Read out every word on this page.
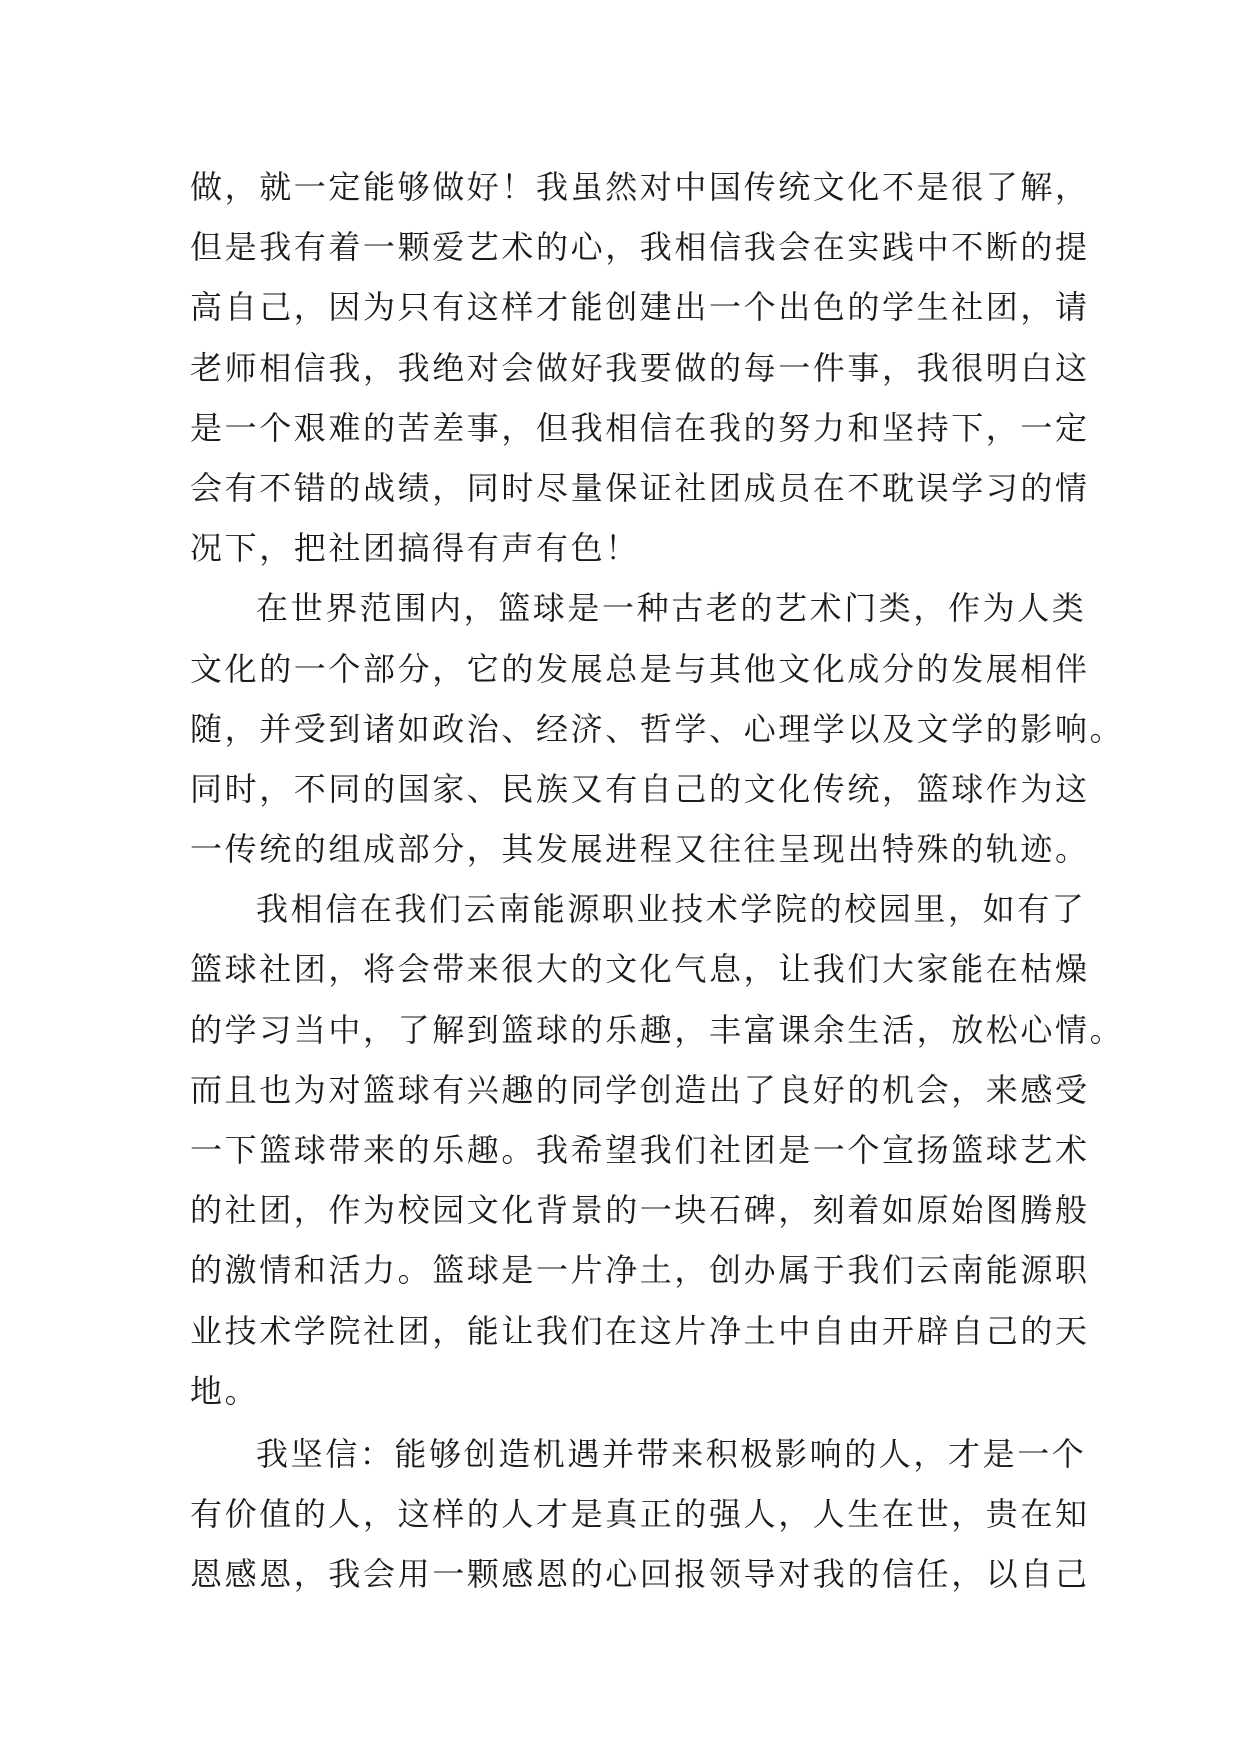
做，就一定能够做好！我虽然对中国传统文化不是很了解，
但是我有着一颗爱艺术的心，我相信我会在实践中不断的提
高自己，因为只有这样才能创建出一个出色的学生社团，请
老师相信我，我绝对会做好我要做的每一件事，我很明白这
是一个艰难的苦差事，但我相信在我的努力和坚持下，一定
会有不错的战绩，同时尽量保证社团成员在不耽误学习的情
况下，把社团搞得有声有色！
在世界范围内，篮球是一种古老的艺术门类，作为人类
文化的一个部分，它的发展总是与其他文化成分的发展相伴
随，并受到诸如政治、经济、哲学、心理学以及文学的影响。
同时，不同的国家、民族又有自己的文化传统，篮球作为这
一传统的组成部分，其发展进程又往往呈现出特殊的轨迹。
我相信在我们云南能源职业技术学院的校园里，如有了
篮球社团，将会带来很大的文化气息，让我们大家能在枯燥
的学习当中，了解到篮球的乐趣，丰富课余生活，放松心情。
而且也为对篮球有兴趣的同学创造出了良好的机会，来感受
一下篮球带来的乐趣。我希望我们社团是一个宣扬篮球艺术
的社团，作为校园文化背景的一块石碑，刻着如原始图腾般
的激情和活力。篮球是一片净土，创办属于我们云南能源职
业技术学院社团，能让我们在这片净土中自由开辟自己的天
地。
我坚信：能够创造机遇并带来积极影响的人，才是一个
有价值的人，这样的人才是真正的强人，人生在世，贵在知
恩感恩，我会用一颗感恩的心回报领导对我的信任，以自己
